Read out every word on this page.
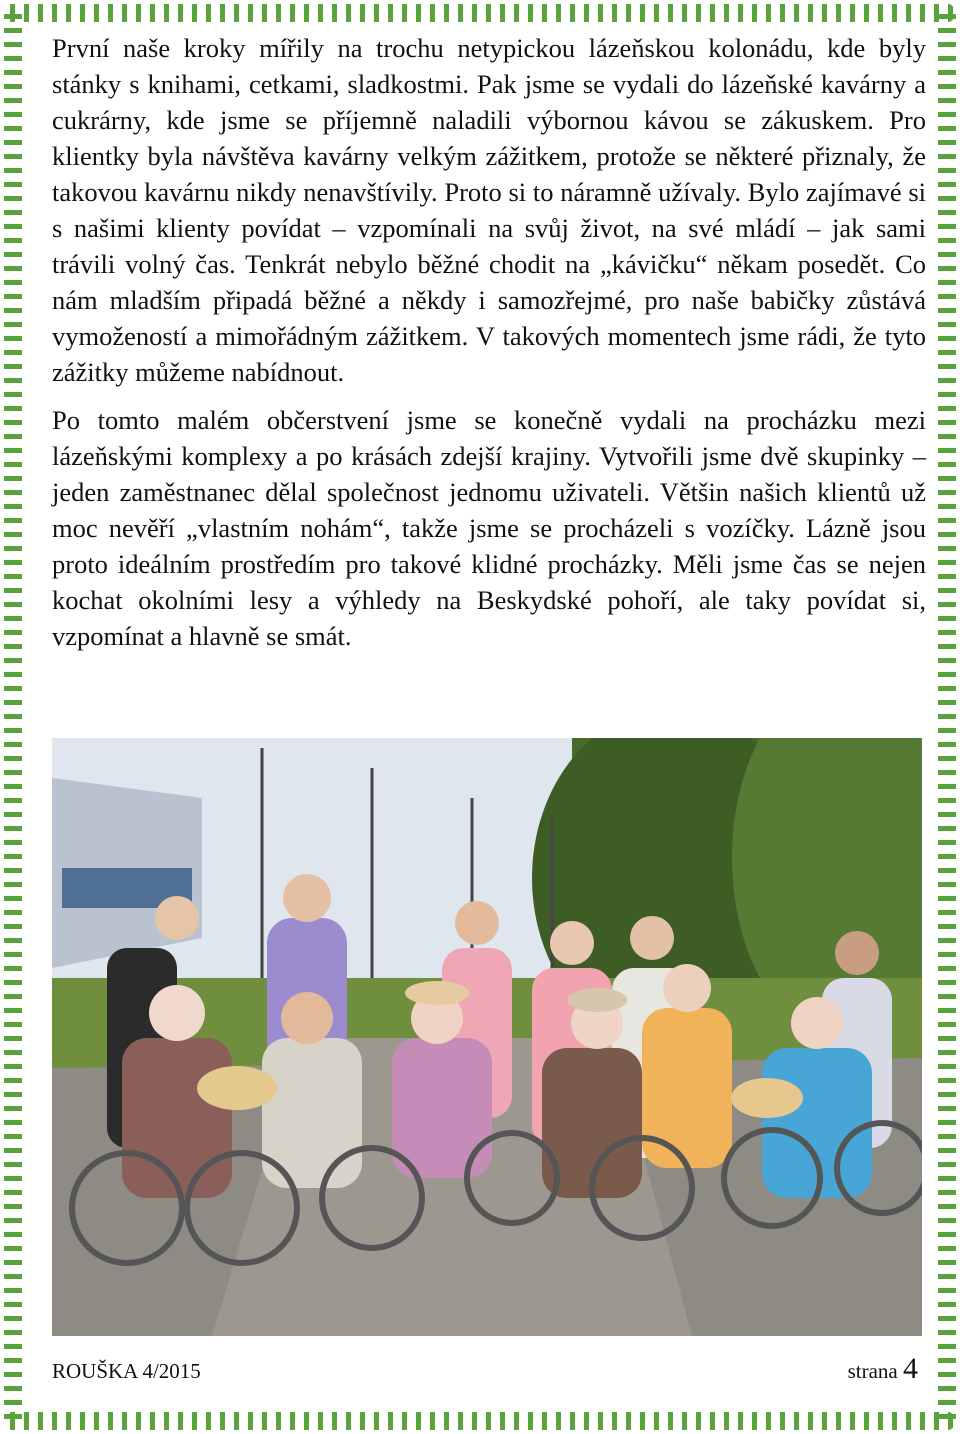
První naše kroky mířily na trochu netypickou lázeňskou kolonádu, kde byly stánky s knihami, cetkami, sladkostmi. Pak jsme se vydali do lázeňské kavárny a cukrárny, kde jsme se příjemně naladili výbornou kávou se zákuskem. Pro klientky byla návštěva kavárny velkým zážitkem, protože se některé přiznaly, že takovou kavárnu nikdy nenavštívily. Proto si to náramně užívaly. Bylo zajímavé si s našimi klienty povídat – vzpomínali na svůj život, na své mládí – jak sami trávili volný čas. Tenkrát nebylo běžné chodit na „kávičku“ někam posedět. Co nám mladším připadá běžné a někdy i samozřejmé, pro naše babičky zůstává vymožeností a mimořádným zážitkem. V takových momentech jsme rádi, že tyto zážitky můžeme nabídnout.

Po tomto malém občerstvení jsme se konečně vydali na procházku mezi lázeňskými komplexy a po krásách zdejší krajiny. Vytvořili jsme dvě skupinky – jeden zaměstnanec dělal společnost jednomu uživateli. Většin našich klientů už moc nevěří „vlastním nohám“, takže jsme se procházeli s vozíčky. Lázně jsou proto ideálním prostředím pro takové klidné procházky. Měli jsme čas se nejen kochat okolními lesy a výhledy na Beskydské pohoří, ale taky povídat si, vzpomínat a hlavně se smát.

ROUŠKA 4/2015	strana 4
